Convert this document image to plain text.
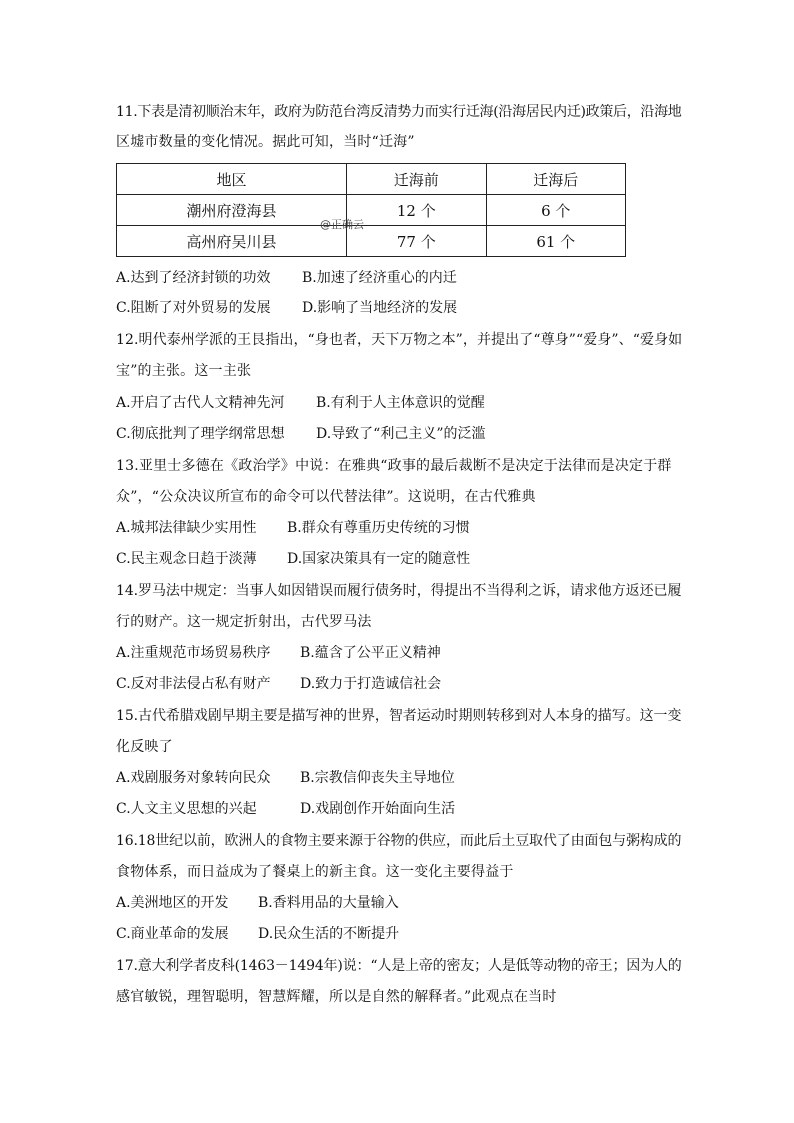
11.下表是清初顺治末年，政府为防范台湾反清势力而实行迁海(沿海居民内迁)政策后，沿海地
区墟市数量的变化情况。据此可知，当时“迁海”
地区	迁海前	迁海后
潮州府澄海县	12 个	6 个
高州府吴川县	77 个	61 个
@正确云
A.达到了经济封锁的功效 B.加速了经济重心的内迁
C.阻断了对外贸易的发展 D.影响了当地经济的发展
12.明代泰州学派的王艮指出，“身也者，天下万物之本”，并提出了“尊身”“爱身”、“爱身如
宝”的主张。这一主张
A.开启了古代人文精神先河 B.有利于人主体意识的觉醒
C.彻底批判了理学纲常思想 D.导致了“利己主义”的泛滥
13.亚里士多德在《政治学》中说：在雅典“政事的最后裁断不是决定于法律而是决定于群
众”，“公众决议所宣布的命令可以代替法律”。这说明，在古代雅典
A.城邦法律缺少实用性 B.群众有尊重历史传统的习惯
C.民主观念日趋于淡薄 D.国家决策具有一定的随意性
14.罗马法中规定：当事人如因错误而履行债务时，得提出不当得利之诉，请求他方返还已履
行的财产。这一规定折射出，古代罗马法
A.注重规范市场贸易秩序 B.蕴含了公平正义精神
C.反对非法侵占私有财产 D.致力于打造诚信社会
15.古代希腊戏剧早期主要是描写神的世界，智者运动时期则转移到对人本身的描写。这一变
化反映了
A.戏剧服务对象转向民众 B.宗教信仰丧失主导地位
C.人文主义思想的兴起	D.戏剧创作开始面向生活
16.18世纪以前，欧洲人的食物主要来源于谷物的供应，而此后土豆取代了由面包与粥构成的
食物体系，而日益成为了餐桌上的新主食。这一变化主要得益于
A.美洲地区的开发 B.香料用品的大量输入
C.商业革命的发展 D.民众生活的不断提升
17.意大利学者皮科(1463－1494年)说：“人是上帝的密友；人是低等动物的帝王；因为人的
感官敏锐，理智聪明，智慧辉耀，所以是自然的解释者。”此观点在当时
